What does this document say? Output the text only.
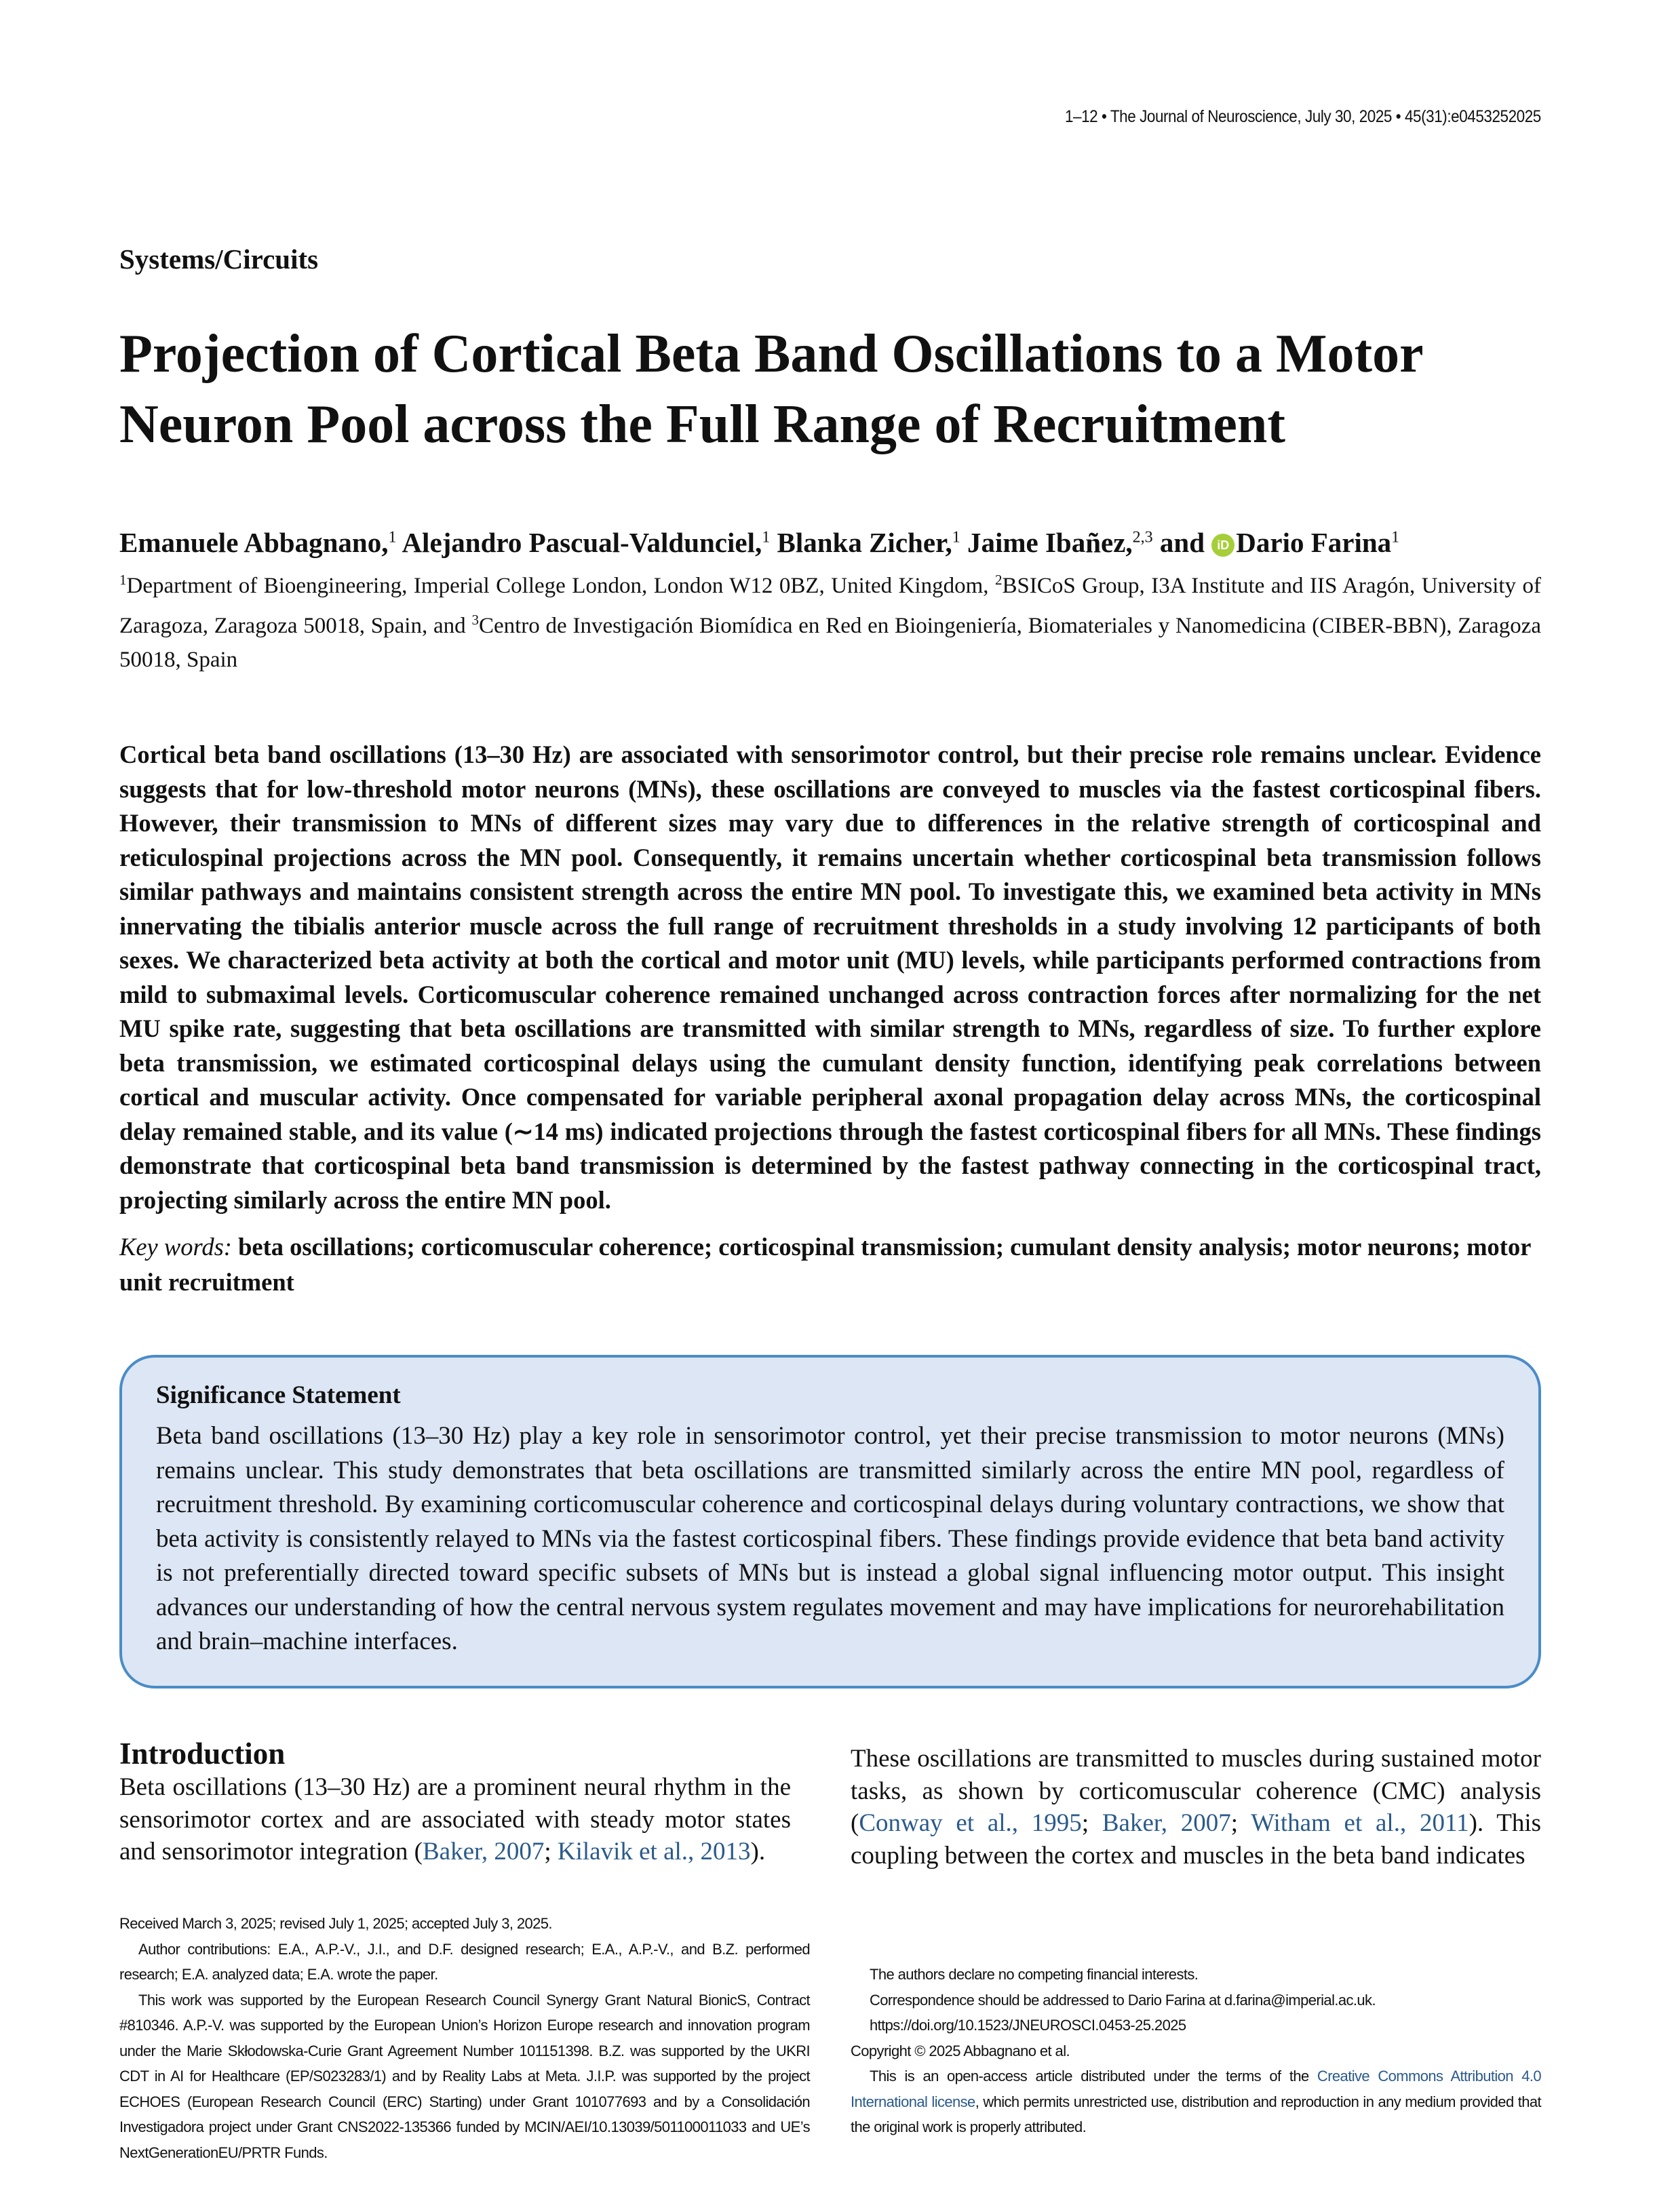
1–12 • The Journal of Neuroscience, July 30, 2025 • 45(31):e0453252025
Systems/Circuits
Projection of Cortical Beta Band Oscillations to a Motor Neuron Pool across the Full Range of Recruitment
Emanuele Abbagnano,$^1$ Alejandro Pascual-Valdunciel,$^1$ Blanka Zicher,$^1$ Jaime Ibañez,$^{2,3}$ and iD Dario Farina$^1$
$^1$Department of Bioengineering, Imperial College London, London W12 0BZ, United Kingdom, $^2$BSICoS Group, I3A Institute and IIS Aragón, University of Zaragoza, Zaragoza 50018, Spain, and $^3$Centro de Investigación Biomídica en Red en Bioingeniería, Biomateriales y Nanomedicina (CIBER-BBN), Zaragoza 50018, Spain

Cortical beta band oscillations (13–30 Hz) are associated with sensorimotor control, but their precise role remains unclear. Evidence suggests that for low-threshold motor neurons (MNs), these oscillations are conveyed to muscles via the fastest corticospinal fibers. However, their transmission to MNs of different sizes may vary due to differences in the relative strength of corticospinal and reticulospinal projections across the MN pool. Consequently, it remains uncertain whether corticospinal beta transmission follows similar pathways and maintains consistent strength across the entire MN pool. To investigate this, we examined beta activity in MNs innervating the tibialis anterior muscle across the full range of recruitment thresholds in a study involving 12 participants of both sexes. We characterized beta activity at both the cortical and motor unit (MU) levels, while participants performed contractions from mild to submaximal levels. Corticomuscular coherence remained unchanged across contraction forces after normalizing for the net MU spike rate, suggesting that beta oscillations are transmitted with similar strength to MNs, regardless of size. To further explore beta transmission, we estimated corticospinal delays using the cumulant density function, identifying peak correlations between cortical and muscular activity. Once compensated for variable peripheral axonal propagation delay across MNs, the corticospinal delay remained stable, and its value (∼14 ms) indicated projections through the fastest corticospinal fibers for all MNs. These findings demonstrate that corticospinal beta band transmission is determined by the fastest pathway connecting in the corticospinal tract, projecting similarly across the entire MN pool.

Key words: beta oscillations; corticomuscular coherence; corticospinal transmission; cumulant density analysis; motor neurons; motor unit recruitment
Significance Statement

Beta band oscillations (13–30 Hz) play a key role in sensorimotor control, yet their precise transmission to motor neurons (MNs) remains unclear. This study demonstrates that beta oscillations are transmitted similarly across the entire MN pool, regardless of recruitment threshold. By examining corticomuscular coherence and corticospinal delays during voluntary contractions, we show that beta activity is consistently relayed to MNs via the fastest corticospinal fibers. These findings provide evidence that beta band activity is not preferentially directed toward specific subsets of MNs but is instead a global signal influencing motor output. This insight advances our understanding of how the central nervous system regulates movement and may have implications for neurorehabilitation and brain–machine interfaces.

Introduction

Beta oscillations (13–30 Hz) are a prominent neural rhythm in the sensorimotor cortex and are associated with steady motor states and sensorimotor integration (Baker, 2007; Kilavik et al., 2013).

These oscillations are transmitted to muscles during sustained motor tasks, as shown by corticomuscular coherence (CMC) analysis (Conway et al., 1995; Baker, 2007; Witham et al., 2011). This coupling between the cortex and muscles in the beta band indicates

Received March 3, 2025; revised July 1, 2025; accepted July 3, 2025.

Author contributions: E.A., A.P.-V., J.I., and D.F. designed research; E.A., A.P.-V., and B.Z. performed research; E.A. analyzed data; E.A. wrote the paper.

This work was supported by the European Research Council Synergy Grant Natural BionicS, Contract #810346. A.P.-V. was supported by the European Union’s Horizon Europe research and innovation program under the Marie Skłodowska-Curie Grant Agreement Number 101151398. B.Z. was supported by the UKRI CDT in AI for Healthcare (EP/S023283/1) and by Reality Labs at Meta. J.I.P. was supported by the project ECHOES (European Research Council (ERC) Starting) under Grant 101077693 and by a Consolidación Investigadora project under Grant CNS2022-135366 funded by MCIN/AEI/10.13039/501100011033 and UE’s NextGenerationEU/PRTR Funds.

The authors declare no competing financial interests.

Correspondence should be addressed to Dario Farina at d.farina@imperial.ac.uk.

https://doi.org/10.1523/JNEUROSCI.0453-25.2025

Copyright © 2025 Abbagnano et al.

This is an open-access article distributed under the terms of the Creative Commons Attribution 4.0 International license, which permits unrestricted use, distribution and reproduction in any medium provided that the original work is properly attributed.
